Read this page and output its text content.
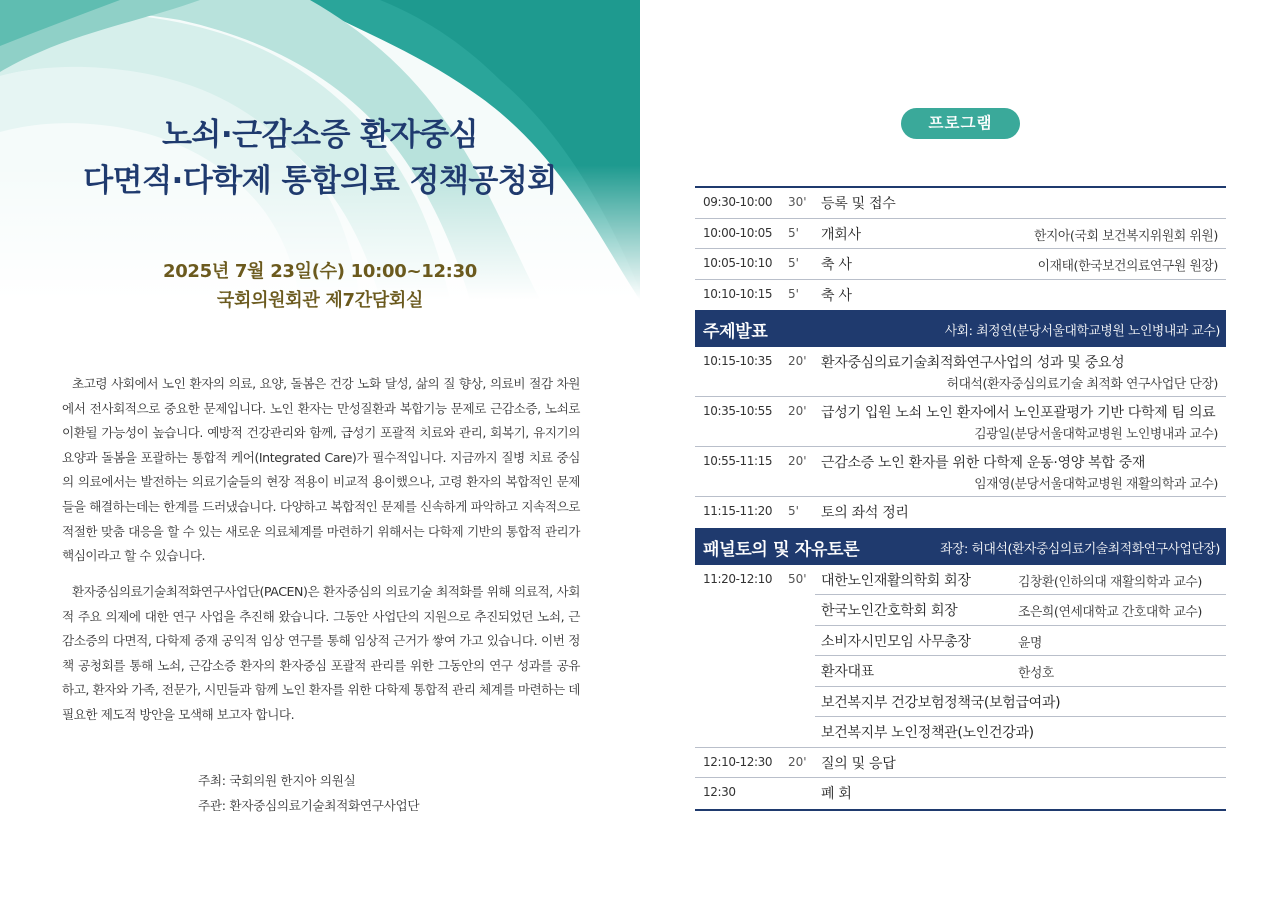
노쇠·근감소증 환자중심
다면적·다학제 통합의료 정책공청회
2025년 7월 23일(수) 10:00~12:30
국회의원회관 제7간담회실

초고령 사회에서 노인 환자의 의료, 요양, 돌봄은 건강 노화 달성, 삶의 질 향상, 의료비 절감 차원에서 전사회적으로 중요한 문제입니다. 노인 환자는 만성질환과 복합기능 문제로 근감소증, 노쇠로 이환될 가능성이 높습니다. 예방적 건강관리와 함께, 급성기 포괄적 치료와 관리, 회복기, 유지기의 요양과 돌봄을 포괄하는 통합적 케어(Integrated Care)가 필수적입니다. 지금까지 질병 치료 중심의 의료에서는 발전하는 의료기술들의 현장 적용이 비교적 용이했으나, 고령 환자의 복합적인 문제들을 해결하는데는 한계를 드러냈습니다. 다양하고 복합적인 문제를 신속하게 파악하고 지속적으로 적절한 맞춤 대응을 할 수 있는 새로운 의료체계를 마련하기 위해서는 다학제 기반의 통합적 관리가 핵심이라고 할 수 있습니다.

환자중심의료기술최적화연구사업단(PACEN)은 환자중심의 의료기술 최적화를 위해 의료적, 사회적 주요 의제에 대한 연구 사업을 추진해 왔습니다. 그동안 사업단의 지원으로 추진되었던 노쇠, 근감소증의 다면적, 다학제 중재 공익적 임상 연구를 통해 임상적 근거가 쌓여 가고 있습니다. 이번 정책 공청회를 통해 노쇠, 근감소증 환자의 환자중심 포괄적 관리를 위한 그동안의 연구 성과를 공유하고, 환자와 가족, 전문가, 시민들과 함께 노인 환자를 위한 다학제 통합적 관리 체계를 마련하는 데 필요한 제도적 방안을 모색해 보고자 합니다.

주최: 국회의원 한지아 의원실
주관: 환자중심의료기술최적화연구사업단
프로그램
09:30-10:00 30' 등록 및 접수
10:00-10:05 5' 개회사	한지아(국회 보건복지위원회 위원)
10:05-10:10 5' 축 사	이재태(한국보건의료연구원 원장)
10:10-10:15 5' 축 사
주제발표	사회: 최정연(분당서울대학교병원 노인병내과 교수)
10:15-10:35 20' 환자중심의료기술최적화연구사업의 성과 및 중요성
허대석(환자중심의료기술 최적화 연구사업단 단장)
10:35-10:55 20' 급성기 입원 노쇠 노인 환자에서 노인포괄평가 기반 다학제 팀 의료
김광일(분당서울대학교병원 노인병내과 교수)
10:55-11:15 20' 근감소증 노인 환자를 위한 다학제 운동·영양 복합 중재
임재영(분당서울대학교병원 재활의학과 교수)
11:15-11:20 5' 토의 좌석 정리
패널토의 및 자유토론	좌장: 허대석(환자중심의료기술최적화연구사업단장)
11:20-12:10 50' 대한노인재활의학회 회장	김창환(인하의대 재활의학과 교수)
한국노인간호학회 회장	조은희(연세대학교 간호대학 교수)
소비자시민모임 사무총장	윤명
환자대표	한성호
보건복지부 건강보험정책국(보험급여과)
보건복지부 노인정책관(노인건강과)
12:10-12:30 20' 질의 및 응답
12:30	폐 회
